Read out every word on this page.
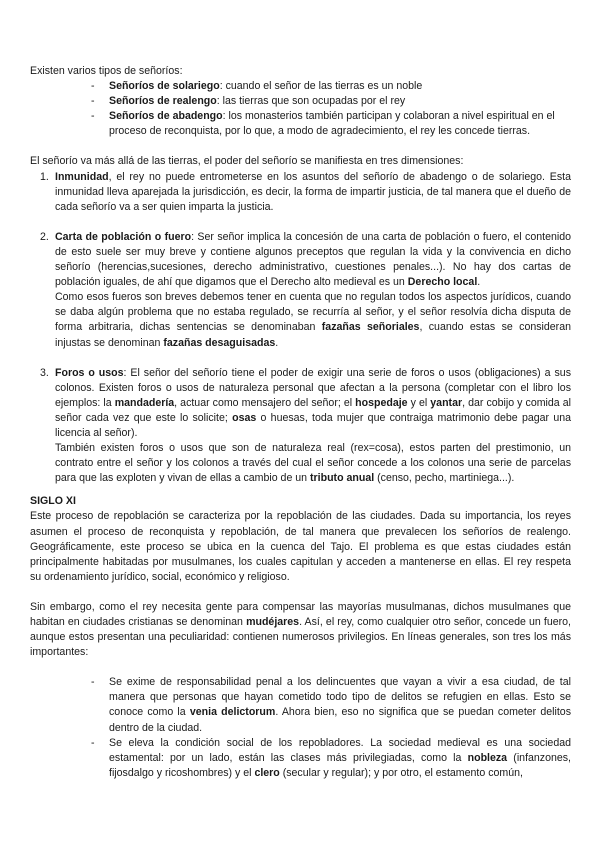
Existen varios tipos de señoríos:

- Señoríos de solariego: cuando el señor de las tierras es un noble
- Señoríos de realengo: las tierras que son ocupadas por el rey
- Señoríos de abadengo: los monasterios también participan y colaboran a nivel espiritual en el proceso de reconquista, por lo que, a modo de agradecimiento, el rey les concede tierras.

El señorío va más allá de las tierras, el poder del señorío se manifiesta en tres dimensiones:

1. Inmunidad, el rey no puede entrometerse en los asuntos del señorío de abadengo o de solariego. Esta inmunidad lleva aparejada la jurisdicción, es decir, la forma de impartir justicia, de tal manera que el dueño de cada señorío va a ser quien imparta la justicia.

2. Carta de población o fuero: Ser señor implica la concesión de una carta de población o fuero, el contenido de esto suele ser muy breve y contiene algunos preceptos que regulan la vida y la convivencia en dicho señorío (herencias,sucesiones, derecho administrativo, cuestiones penales...). No hay dos cartas de población iguales, de ahí que digamos que el Derecho alto medieval es un Derecho local.

Como esos fueros son breves debemos tener en cuenta que no regulan todos los aspectos jurídicos, cuando se daba algún problema que no estaba regulado, se recurría al señor, y el señor resolvía dicha disputa de forma arbitraria, dichas sentencias se denominaban fazañas señoriales, cuando estas se consideran injustas se denominan fazañas desaguisadas.

3. Foros o usos: El señor del señorío tiene el poder de exigir una serie de foros o usos (obligaciones) a sus colonos. Existen foros o usos de naturaleza personal que afectan a la persona (completar con el libro los ejemplos: la mandadería, actuar como mensajero del señor; el hospedaje y el yantar, dar cobijo y comida al señor cada vez que este lo solicite; osas o huesas, toda mujer que contraiga matrimonio debe pagar una licencia al señor).

También existen foros o usos que son de naturaleza real (rex=cosa), estos parten del prestimonio, un contrato entre el señor y los colonos a través del cual el señor concede a los colonos una serie de parcelas para que las exploten y vivan de ellas a cambio de un tributo anual (censo, pecho, martiniega...).

SIGLO XI

Este proceso de repoblación se caracteriza por la repoblación de las ciudades. Dada su importancia, los reyes asumen el proceso de reconquista y repoblación, de tal manera que prevalecen los señoríos de realengo. Geográficamente, este proceso se ubica en la cuenca del Tajo. El problema es que estas ciudades están principalmente habitadas por musulmanes, los cuales capitulan y acceden a mantenerse en ellas. El rey respeta su ordenamiento jurídico, social, económico y religioso.

Sin embargo, como el rey necesita gente para compensar las mayorías musulmanas, dichos musulmanes que habitan en ciudades cristianas se denominan mudéjares. Así, el rey, como cualquier otro señor, concede un fuero, aunque estos presentan una peculiaridad: contienen numerosos privilegios. En líneas generales, son tres los más importantes:

- Se exime de responsabilidad penal a los delincuentes que vayan a vivir a esa ciudad, de tal manera que personas que hayan cometido todo tipo de delitos se refugien en ellas. Esto se conoce como la venia delictorum. Ahora bien, eso no significa que se puedan cometer delitos dentro de la ciudad.
- Se eleva la condición social de los repobladores. La sociedad medieval es una sociedad estamental: por un lado, están las clases más privilegiadas, como la nobleza (infanzones, fijosdalgo y ricoshombres) y el clero (secular y regular); y por otro, el estamento común,
